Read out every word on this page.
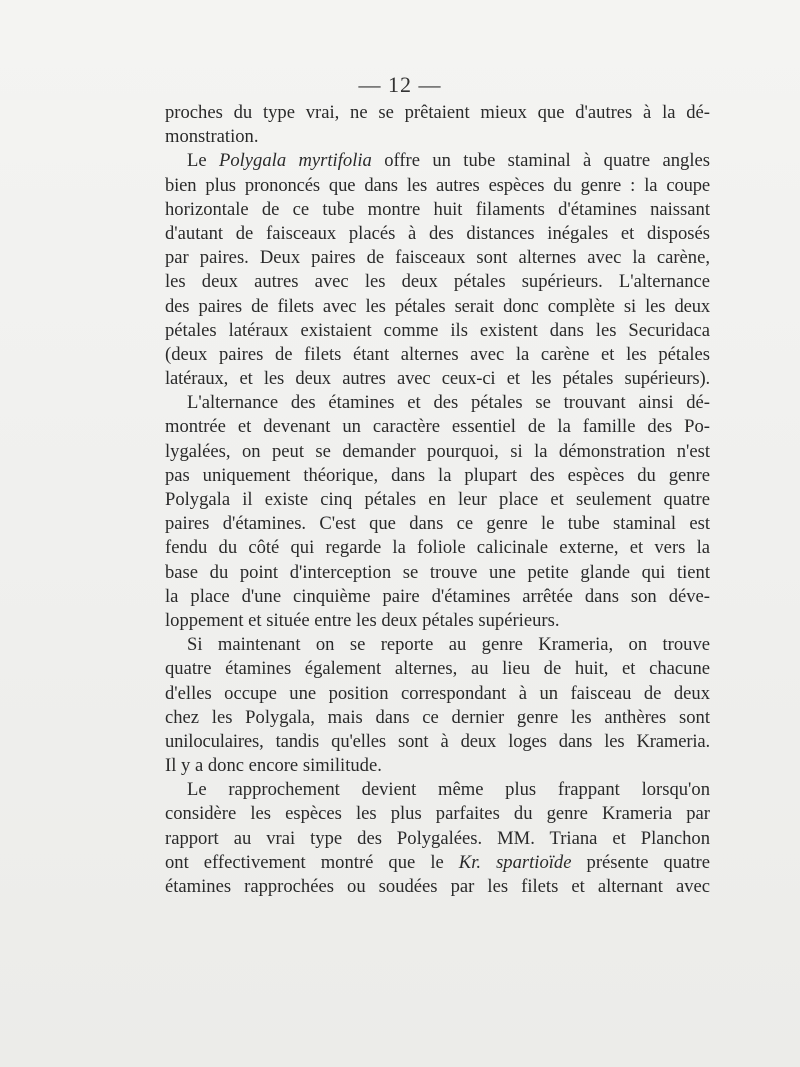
— 12 —
proches du type vrai, ne se prêtaient mieux que d'autres à la dé-
monstration.
Le Polygala myrtifolia offre un tube staminal à quatre angles
bien plus prononcés que dans les autres espèces du genre : la coupe
horizontale de ce tube montre huit filaments d'étamines naissant
d'autant de faisceaux placés à des distances inégales et disposés
par paires. Deux paires de faisceaux sont alternes avec la carène,
les deux autres avec les deux pétales supérieurs. L'alternance
des paires de filets avec les pétales serait donc complète si les deux
pétales latéraux existaient comme ils existent dans les Securidaca
(deux paires de filets étant alternes avec la carène et les pétales
latéraux, et les deux autres avec ceux-ci et les pétales supérieurs).
L'alternance des étamines et des pétales se trouvant ainsi dé-
montrée et devenant un caractère essentiel de la famille des Po-
lygalées, on peut se demander pourquoi, si la démonstration n'est
pas uniquement théorique, dans la plupart des espèces du genre
Polygala il existe cinq pétales en leur place et seulement quatre
paires d'étamines. C'est que dans ce genre le tube staminal est
fendu du côté qui regarde la foliole calicinale externe, et vers la
base du point d'interception se trouve une petite glande qui tient
la place d'une cinquième paire d'étamines arrêtée dans son déve-
loppement et située entre les deux pétales supérieurs.
Si maintenant on se reporte au genre Krameria, on trouve
quatre étamines également alternes, au lieu de huit, et chacune
d'elles occupe une position correspondant à un faisceau de deux
chez les Polygala, mais dans ce dernier genre les anthères sont
uniloculaires, tandis qu'elles sont à deux loges dans les Krameria.
Il y a donc encore similitude.
Le rapprochement devient même plus frappant lorsqu'on
considère les espèces les plus parfaites du genre Krameria par
rapport au vrai type des Polygalées. MM. Triana et Planchon
ont effectivement montré que le Kr. spartioïde présente quatre
étamines rapprochées ou soudées par les filets et alternant avec
